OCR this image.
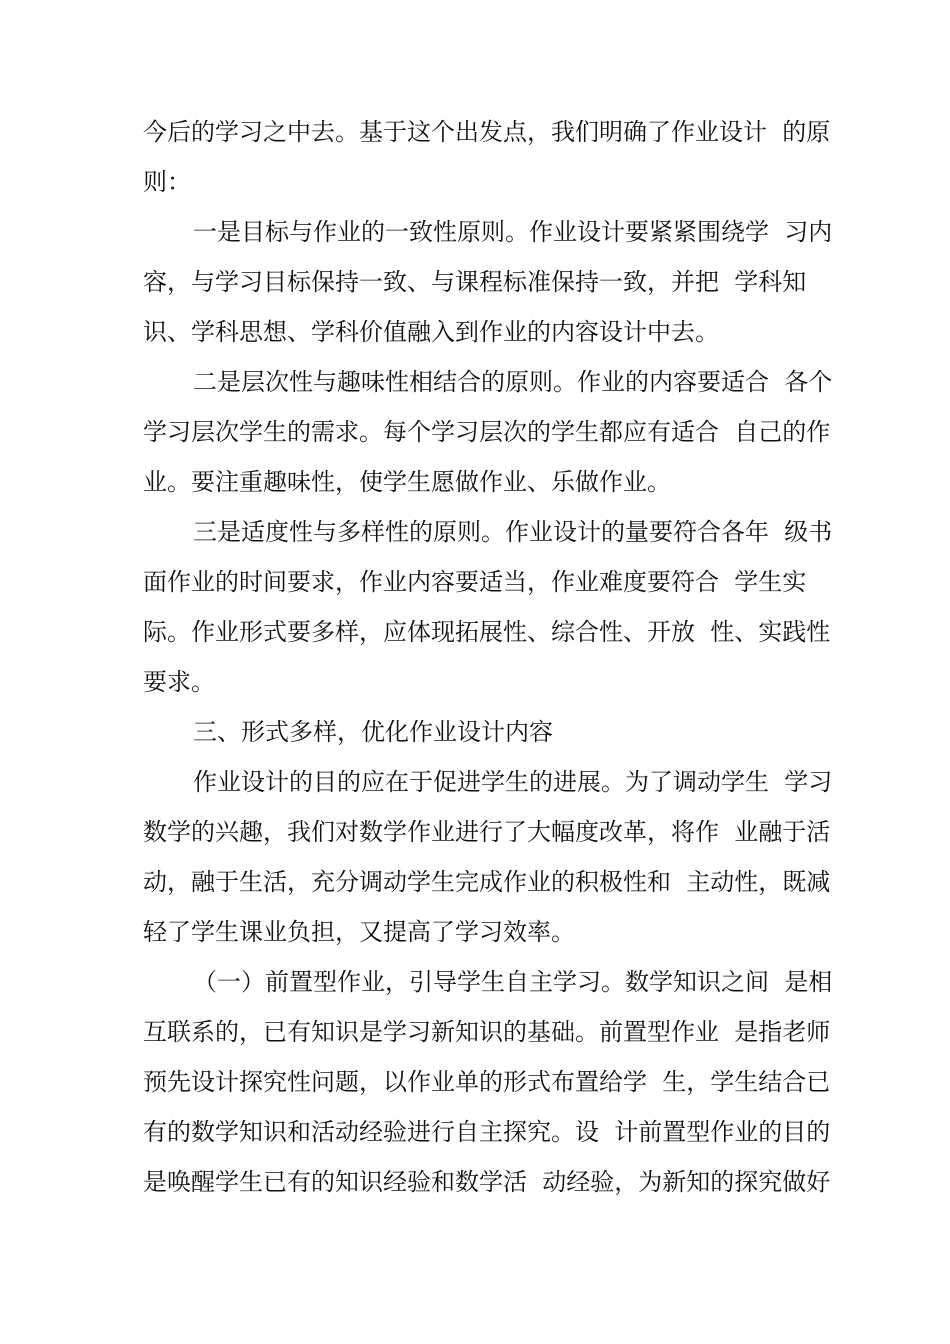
今后的学习之中去。基于这个出发点，我们明确了作业设计  的原
则：
一是目标与作业的一致性原则。作业设计要紧紧围绕学  习内
容，与学习目标保持一致、与课程标准保持一致，并把  学科知
识、学科思想、学科价值融入到作业的内容设计中去。
二是层次性与趣味性相结合的原则。作业的内容要适合  各个
学习层次学生的需求。每个学习层次的学生都应有适合  自己的作
业。要注重趣味性，使学生愿做作业、乐做作业。
三是适度性与多样性的原则。作业设计的量要符合各年  级书
面作业的时间要求，作业内容要适当，作业难度要符合  学生实
际。作业形式要多样，应体现拓展性、综合性、开放  性、实践性
要求。
三、形式多样，优化作业设计内容
作业设计的目的应在于促进学生的进展。为了调动学生  学习
数学的兴趣，我们对数学作业进行了大幅度改革，将作  业融于活
动，融于生活，充分调动学生完成作业的积极性和  主动性，既减
轻了学生课业负担，又提高了学习效率。
（一）前置型作业，引导学生自主学习。数学知识之间  是相
互联系的，已有知识是学习新知识的基础。前置型作业  是指老师
预先设计探究性问题，以作业单的形式布置给学  生，学生结合已
有的数学知识和活动经验进行自主探究。设  计前置型作业的目的
是唤醒学生已有的知识经验和数学活  动经验，为新知的探究做好
